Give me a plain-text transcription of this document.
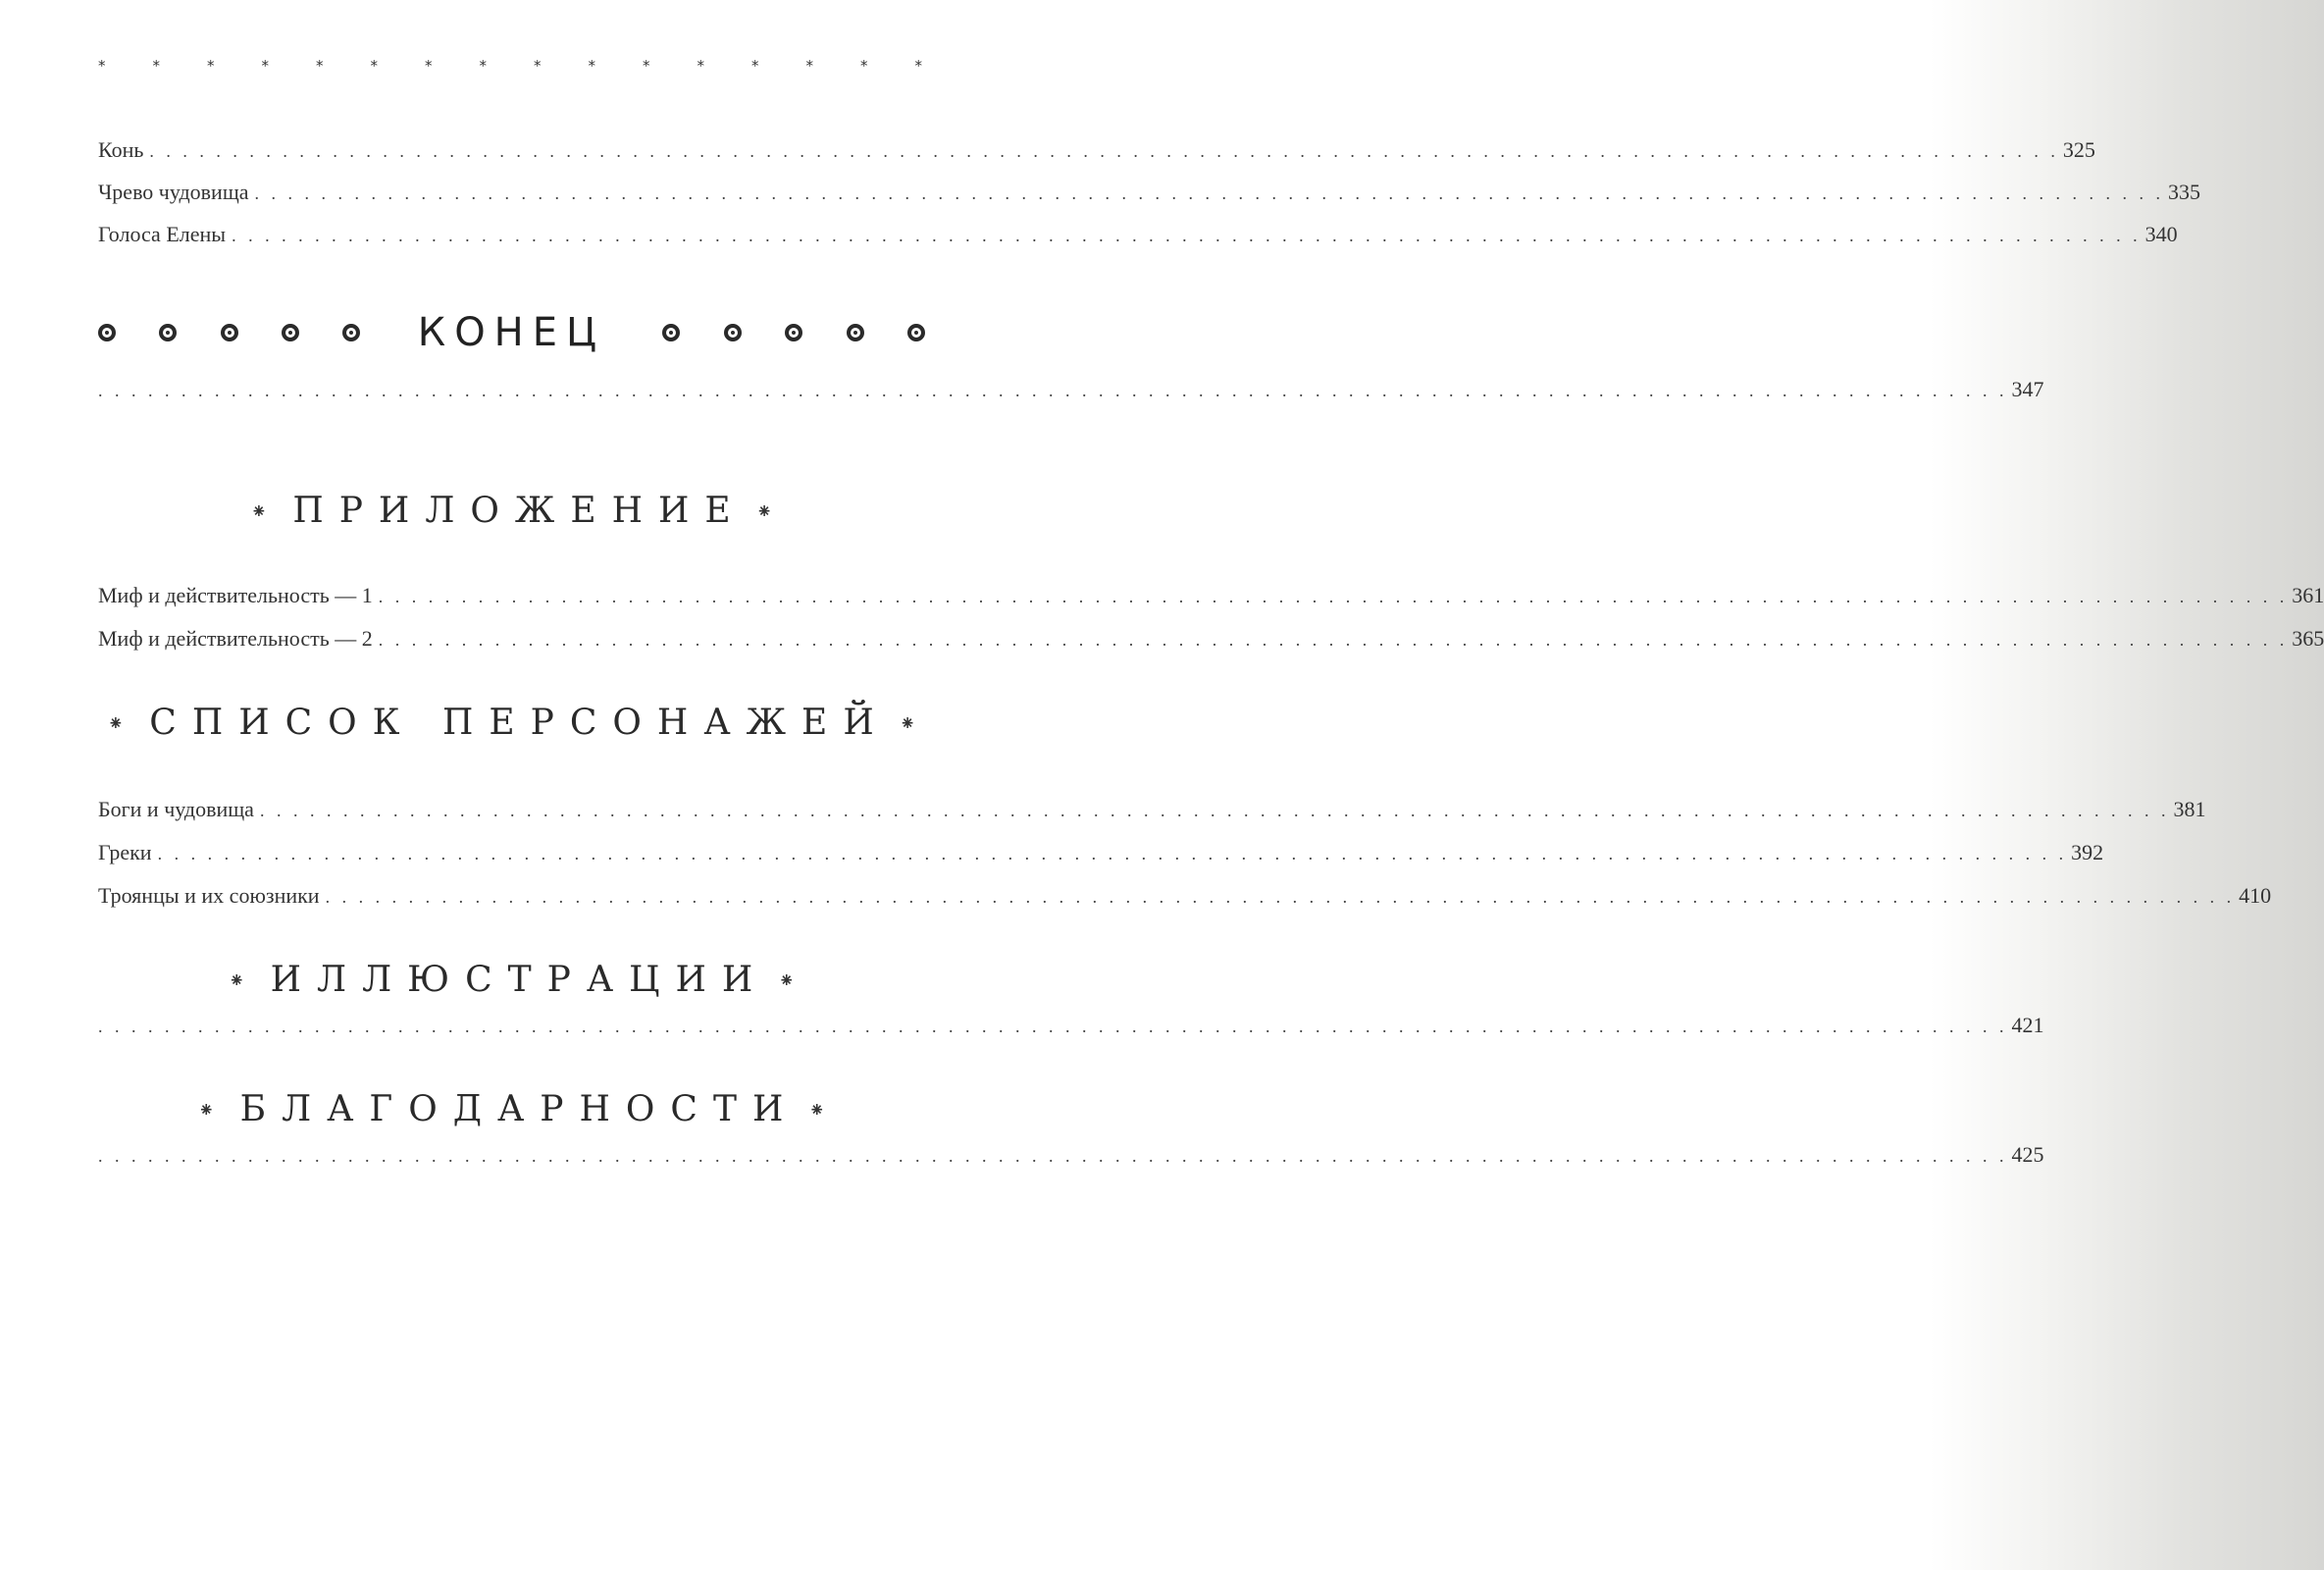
*	*	*	*	*	*	*	*	*	*	*	*	*	*	*	*
Конь . . . . . . . . . . . . . . . . . . . . . . . . . . . . . . . . . . . . . . . . . . . . . . . . . . . . . . . . . . . . . . . . . . . . . . . . . . . . . . . . . . . . . . . . . . . . . . . . . . . . . . . . . . . . . . . . . . . 325
Чрево чудовища . . . . . . . . . . . . . . . . . . . . . . . . . . . . . . . . . . . . . . . . . . . . . . . . . . . . . . . . . . . . . . . . . . . . . . . . . . . . . . . . . . . . . . . . . . . . . . . . . . . . . . . . . . . . . . . . . . . 335
Голоса Елены . . . . . . . . . . . . . . . . . . . . . . . . . . . . . . . . . . . . . . . . . . . . . . . . . . . . . . . . . . . . . . . . . . . . . . . . . . . . . . . . . . . . . . . . . . . . . . . . . . . . . . . . . . . . . . . . . . . 340
КОНЕЦ
. . . . . . . . . . . . . . . . . . . . . . . . . . . . . . . . . . . . . . . . . . . . . . . . . . . . . . . . . . . . . . . . . . . . . . . . . . . . . . . . . . . . . . . . . . . . . . . . . . . . . . . . . . . . . . . . . . . 347
⁕ ПРИЛОЖЕНИЕ ⁕
Миф и действительность — 1 . . . . . . . . . . . . . . . . . . . . . . . . . . . . . . . . . . . . . . . . . . . . . . . . . . . . . . . . . . . . . . . . . . . . . . . . . . . . . . . . . . . . . . . . . . . . . . . . . . . . . . . . . . . . . . . . . . . 361
Миф и действительность — 2 . . . . . . . . . . . . . . . . . . . . . . . . . . . . . . . . . . . . . . . . . . . . . . . . . . . . . . . . . . . . . . . . . . . . . . . . . . . . . . . . . . . . . . . . . . . . . . . . . . . . . . . . . . . . . . . . . . . 365
⁕ СПИСОК ПЕРСОНАЖЕЙ ⁕
Боги и чудовища . . . . . . . . . . . . . . . . . . . . . . . . . . . . . . . . . . . . . . . . . . . . . . . . . . . . . . . . . . . . . . . . . . . . . . . . . . . . . . . . . . . . . . . . . . . . . . . . . . . . . . . . . . . . . . . . . . . 381
Греки . . . . . . . . . . . . . . . . . . . . . . . . . . . . . . . . . . . . . . . . . . . . . . . . . . . . . . . . . . . . . . . . . . . . . . . . . . . . . . . . . . . . . . . . . . . . . . . . . . . . . . . . . . . . . . . . . . . 392
Троянцы и их союзники . . . . . . . . . . . . . . . . . . . . . . . . . . . . . . . . . . . . . . . . . . . . . . . . . . . . . . . . . . . . . . . . . . . . . . . . . . . . . . . . . . . . . . . . . . . . . . . . . . . . . . . . . . . . . . . . . . . 410
⁕ ИЛЛЮСТРАЦИИ ⁕
. . . . . . . . . . . . . . . . . . . . . . . . . . . . . . . . . . . . . . . . . . . . . . . . . . . . . . . . . . . . . . . . . . . . . . . . . . . . . . . . . . . . . . . . . . . . . . . . . . . . . . . . . . . . . . . . . . . 421
⁕ БЛАГОДАРНОСТИ ⁕
. . . . . . . . . . . . . . . . . . . . . . . . . . . . . . . . . . . . . . . . . . . . . . . . . . . . . . . . . . . . . . . . . . . . . . . . . . . . . . . . . . . . . . . . . . . . . . . . . . . . . . . . . . . . . . . . . . . 425
